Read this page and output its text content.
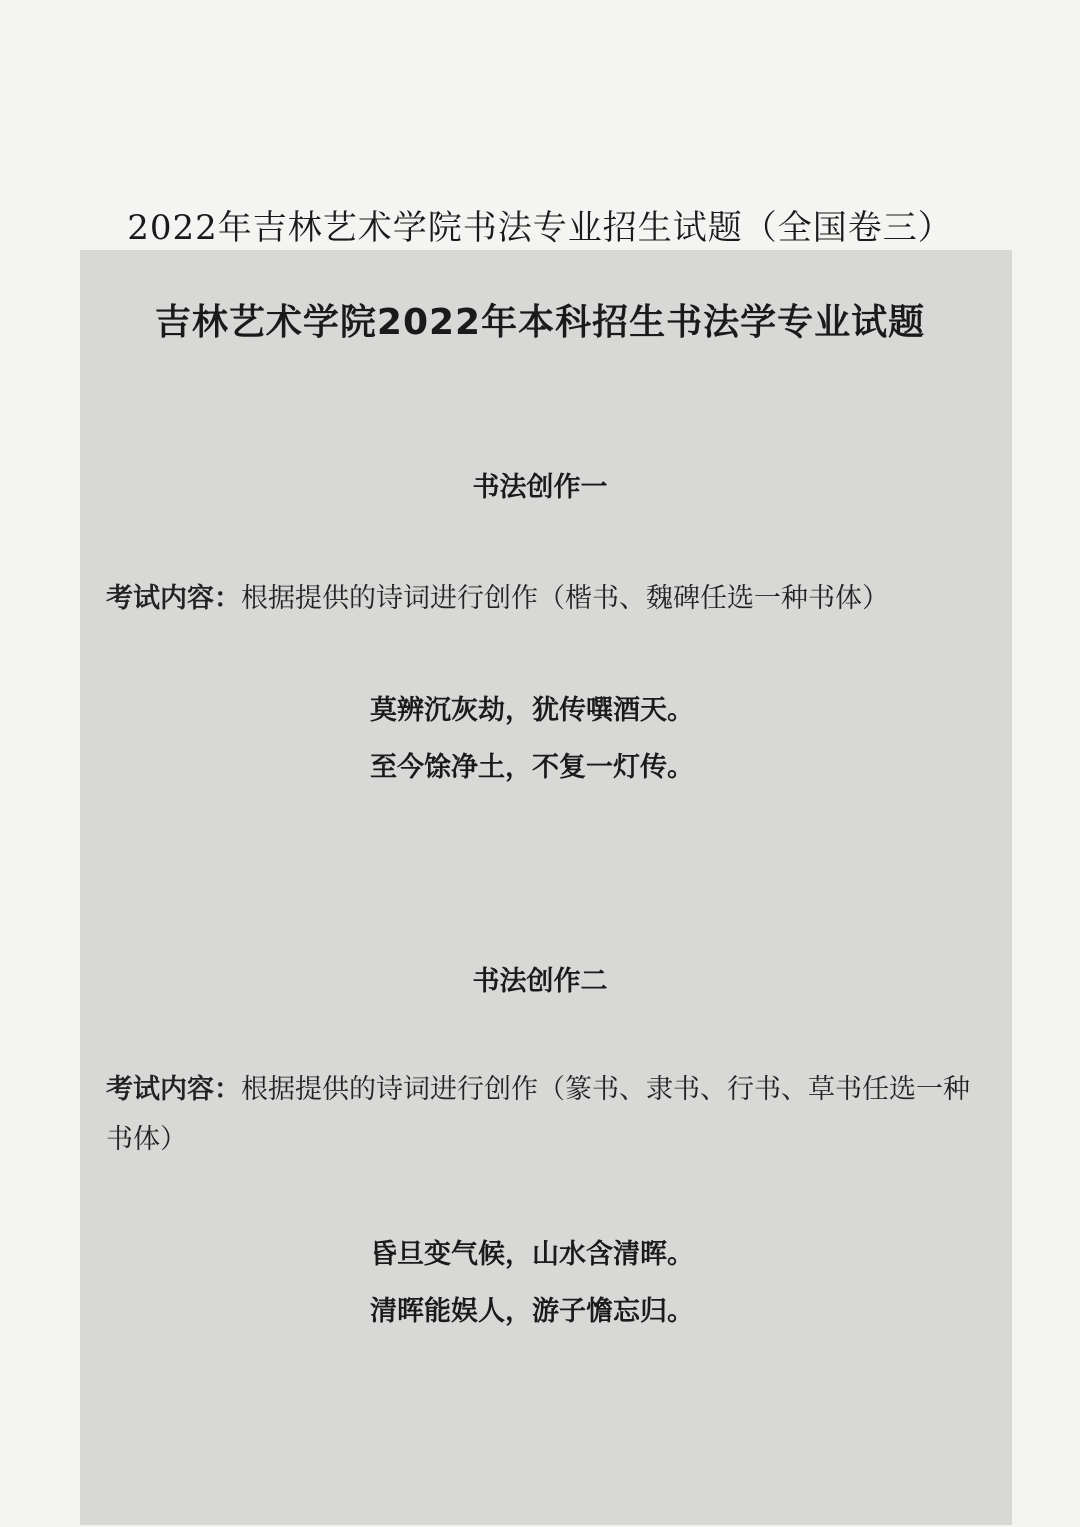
2022年吉林艺术学院书法专业招生试题（全国卷三）
吉林艺术学院2022年本科招生书法学专业试题
书法创作一
考试内容：根据提供的诗词进行创作（楷书、魏碑任选一种书体）
莫辨沉灰劫，犹传噀酒天。
至今馀净土，不复一灯传。
书法创作二
考试内容：根据提供的诗词进行创作（篆书、隶书、行书、草书任选一种书体）
昏旦变气候，山水含清晖。
清晖能娱人，游子憺忘归。
